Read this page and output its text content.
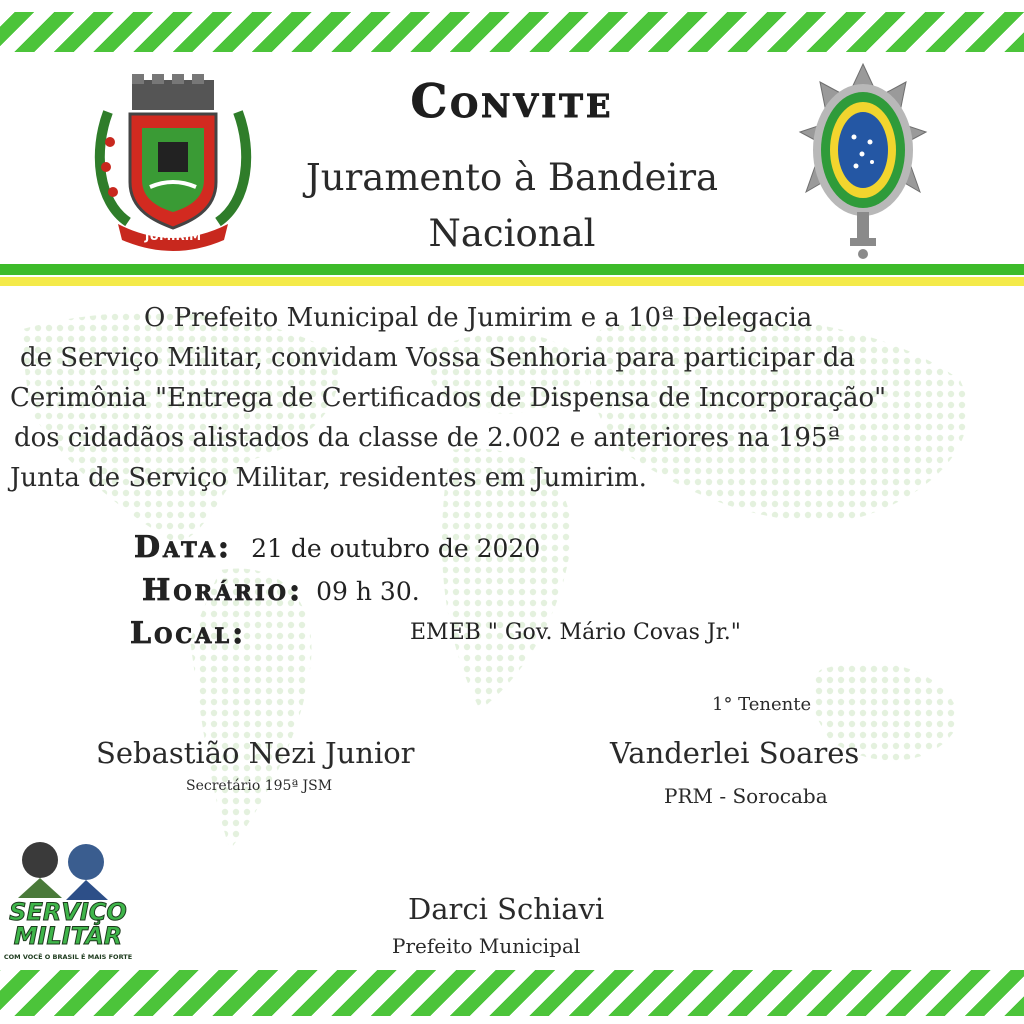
JUMIRIM
Convite
Juramento à Bandeira
Nacional
O Prefeito Municipal de Jumirim e a 10ª Delegacia
de Serviço Militar, convidam Vossa Senhoria para participar da
Cerimônia "Entrega de Certificados de Dispensa de Incorporação"
dos cidadãos alistados da classe de 2.002 e anteriores na 195ª
Junta de Serviço Militar, residentes em Jumirim.
Data: 21 de outubro de 2020
Horário: 09 h 30.
Local:	EMEB " Gov. Mário Covas Jr."
1° Tenente
Sebastião Nezi Junior
Secretário 195ª JSM
Vanderlei Soares
PRM - Sorocaba
Darci Schiavi
Prefeito Municipal
SERVIÇO
MILITAR
COM VOCÊ O BRASIL É MAIS FORTE
